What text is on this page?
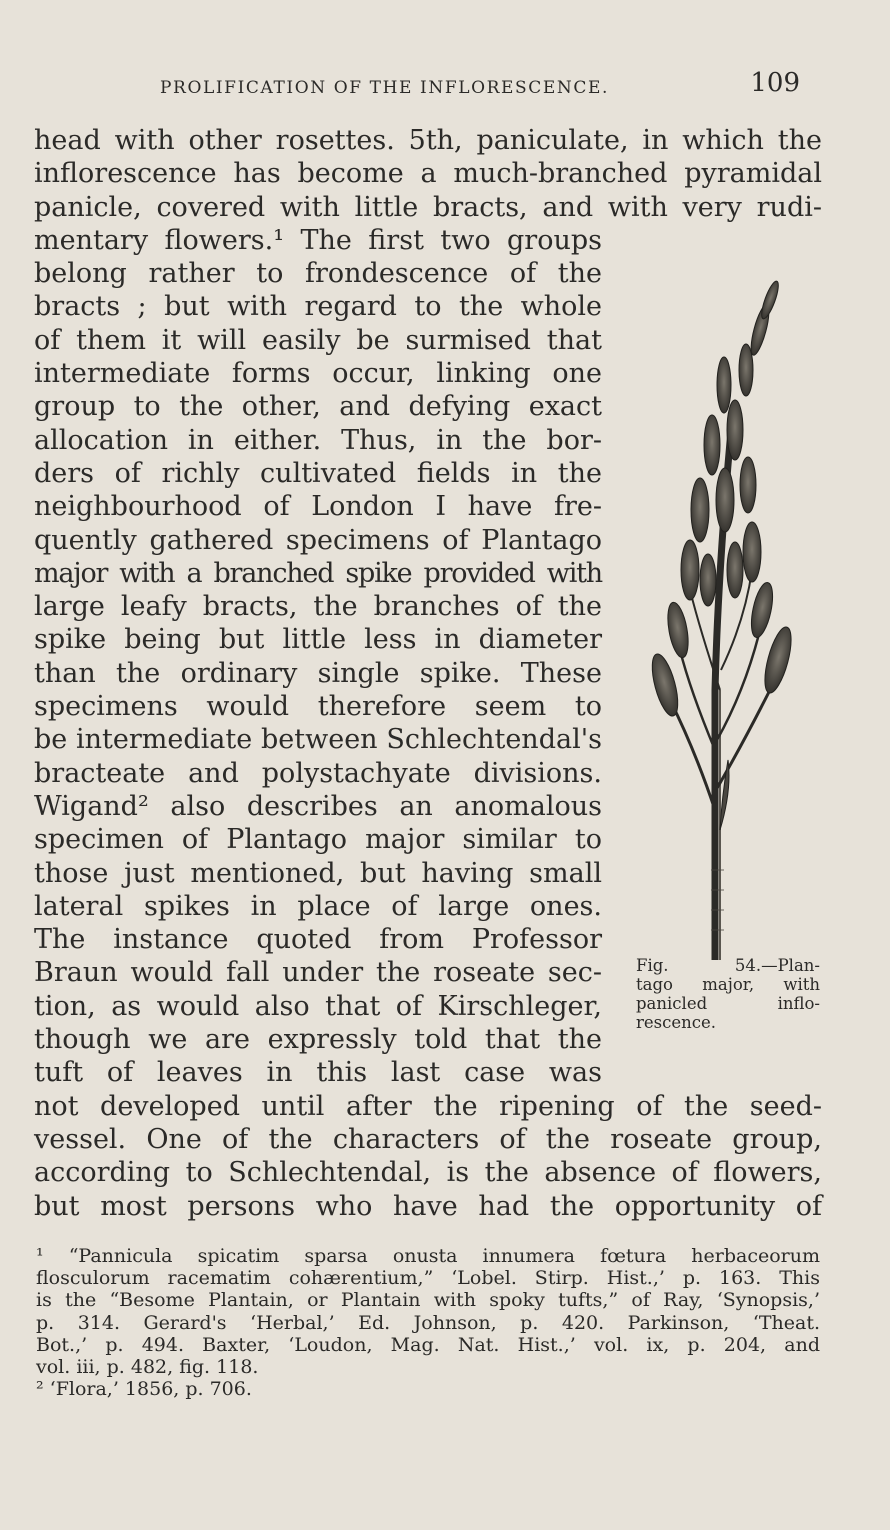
PROLIFICATION OF THE INFLORESCENCE.	109
head with other rosettes. 5th, paniculate, in which the
inflorescence has become a much-branched pyramidal
panicle, covered with little bracts, and with very rudi-
mentary flowers.¹ The first two groups
belong rather to frondescence of the
bracts ; but with regard to the whole
of them it will easily be surmised that
intermediate forms occur, linking one
group to the other, and defying exact
allocation in either. Thus, in the bor-
ders of richly cultivated fields in the
neighbourhood of London I have fre-
quently gathered specimens of Plantago
major with a branched spike provided with
large leafy bracts, the branches of the
spike being but little less in diameter
than the ordinary single spike. These
specimens would therefore seem to
be intermediate between Schlechtendal's
bracteate and polystachyate divisions.
Wigand² also describes an anomalous
specimen of Plantago major similar to
those just mentioned, but having small
lateral spikes in place of large ones.
The instance quoted from Professor
Braun would fall under the roseate sec-
tion, as would also that of Kirschleger,
though we are expressly told that the
tuft of leaves in this last case was
not developed until after the ripening of the seed-
vessel. One of the characters of the roseate group,
according to Schlechtendal, is the absence of flowers,
but most persons who have had the opportunity of
Fig. 54.—Plan-
tago major, with
panicled inflo-
rescence.
¹ “Pannicula spicatim sparsa onusta innumera fœtura herbaceorum
flosculorum racematim cohærentium,” ‘Lobel. Stirp. Hist.,’ p. 163. This
is the “Besome Plantain, or Plantain with spoky tufts,” of Ray, ‘Synopsis,’
p. 314. Gerard's ‘Herbal,’ Ed. Johnson, p. 420. Parkinson, ‘Theat.
Bot.,’ p. 494. Baxter, ‘Loudon, Mag. Nat. Hist.,’ vol. ix, p. 204, and
vol. iii, p. 482, fig. 118.
² ‘Flora,’ 1856, p. 706.
